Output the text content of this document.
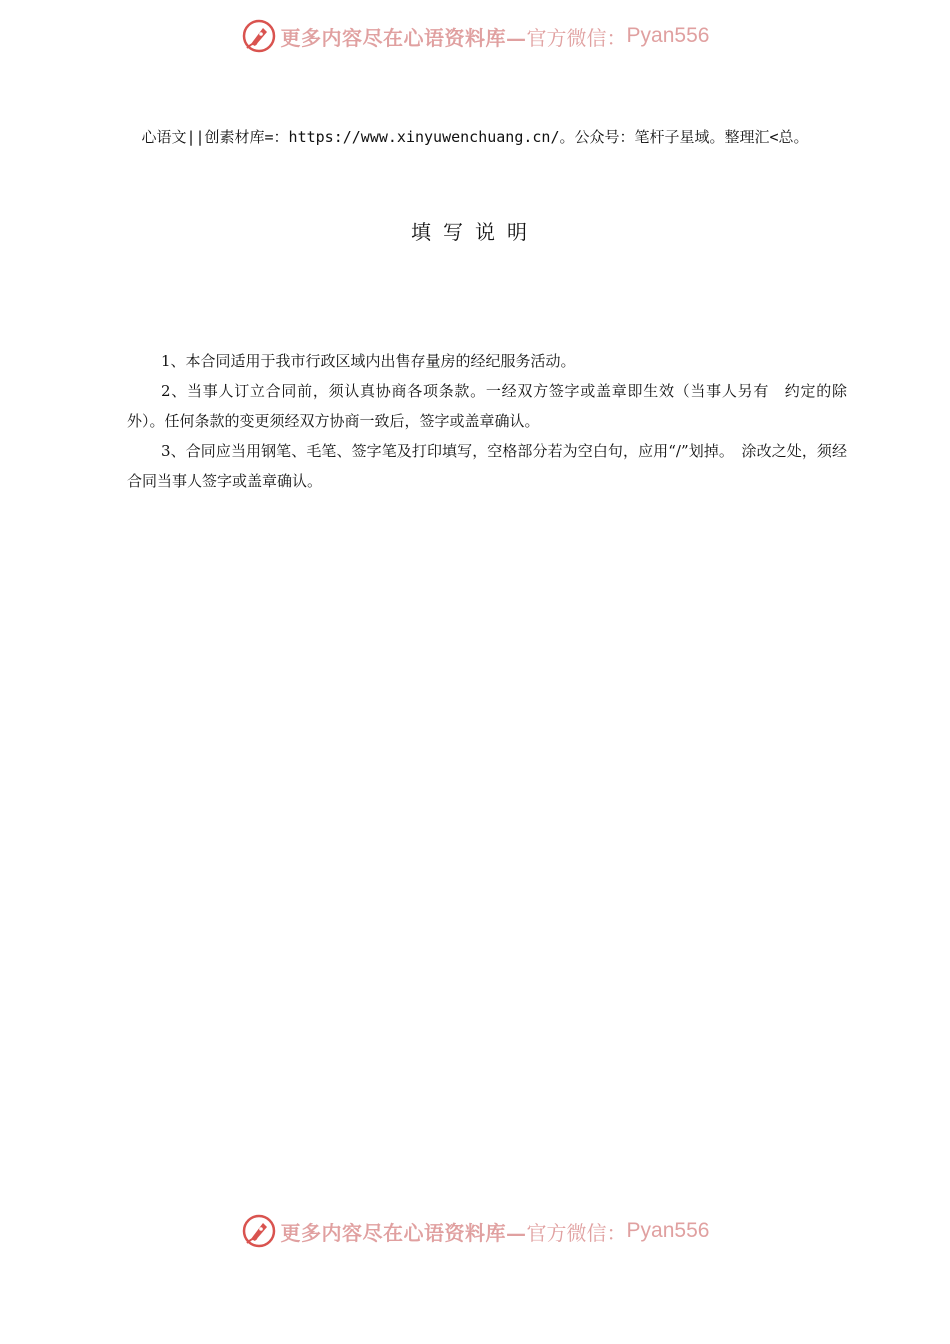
更多内容尽在心语资料库— 官方微信： Pyan556
心语文||创素材库=：https://www.xinyuwenchuang.cn/。公众号：笔杆子星域。整理汇<总。
填写说明

1、本合同适用于我市行政区域内出售存量房的经纪服务活动。

2、当事人订立合同前，须认真协商各项条款。一经双方签字或盖章即生效（当事人另有　约定的除外）。任何条款的变更须经双方协商一致后，签字或盖章确认。

3、合同应当用钢笔、毛笔、签字笔及打印填写，空格部分若为空白句，应用“/”划掉。　涂改之处，须经合同当事人签字或盖章确认。

更多内容尽在心语资料库— 官方微信： Pyan556
